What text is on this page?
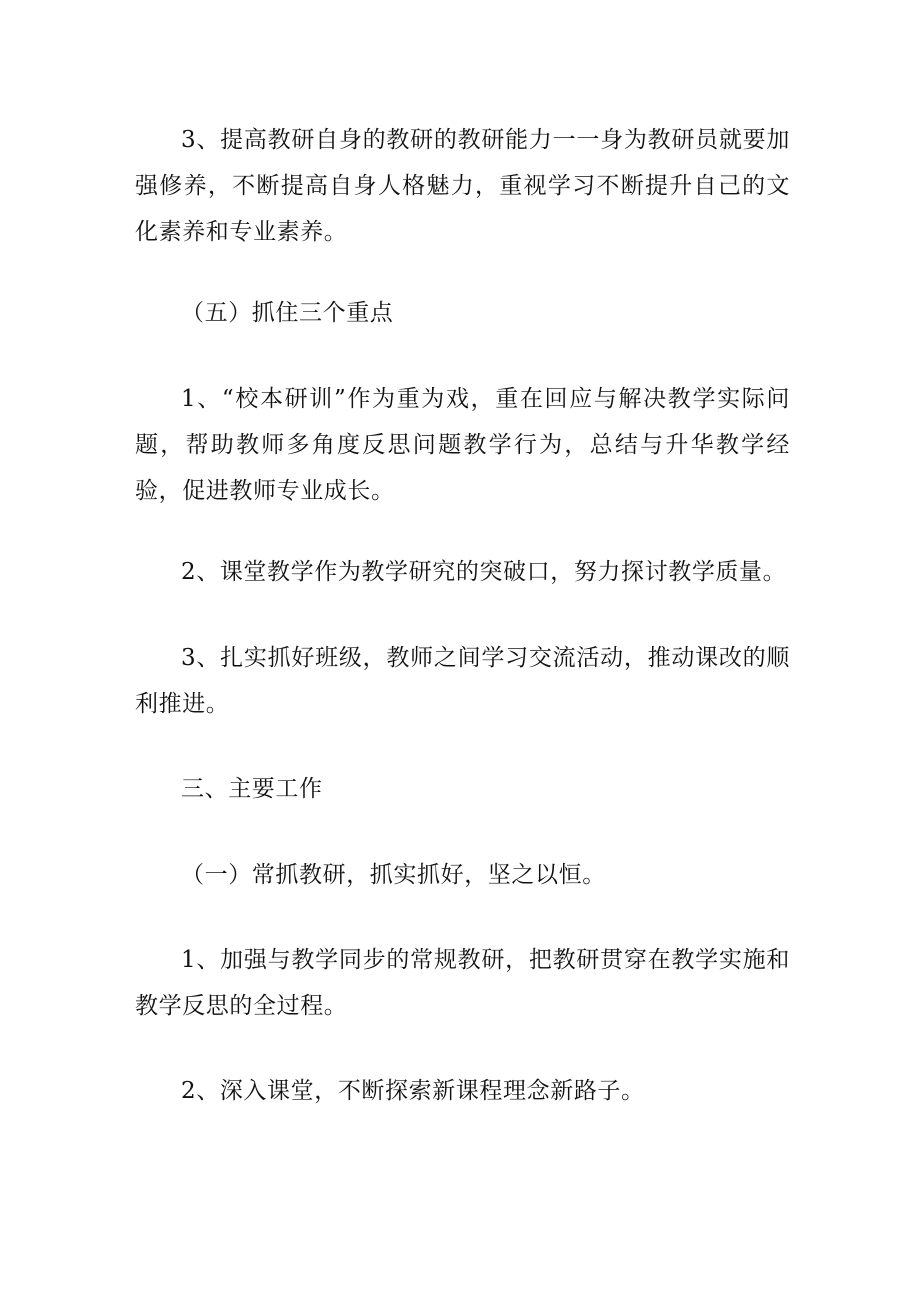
3、提高教研自身的教研的教研能力一一身为教研员就要加强修养，不断提高自身人格魅力，重视学习不断提升自己的文化素养和专业素养。

（五）抓住三个重点

1、“校本研训”作为重为戏，重在回应与解决教学实际问题，帮助教师多角度反思问题教学行为，总结与升华教学经验，促进教师专业成长。

2、课堂教学作为教学研究的突破口，努力探讨教学质量。

3、扎实抓好班级，教师之间学习交流活动，推动课改的顺利推进。

三、主要工作

（一）常抓教研，抓实抓好，坚之以恒。

1、加强与教学同步的常规教研，把教研贯穿在教学实施和教学反思的全过程。

2、深入课堂，不断探索新课程理念新路子。
